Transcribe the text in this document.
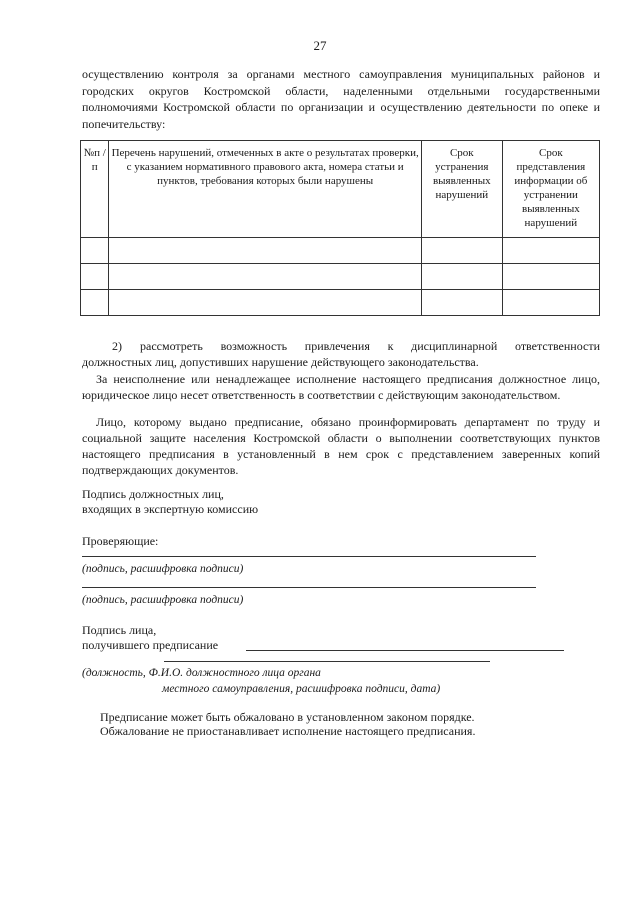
27

осуществлению контроля за органами местного самоуправления муниципальных районов и городских округов Костромской области, наделенными отдельными государственными полномочиями Костромской области по организации и осуществлению деятельности по опеке и попечительству:

№п /п	Перечень нарушений, отмеченных в акте о результатах проверки, с указанием нормативного правового акта, номера статьи и пунктов, требования которых были нарушены	Срок устранения выявленных нарушений	Срок представления информации об устранении выявленных нарушений

2) рассмотреть возможность привлечения к дисциплинарной ответственности
должностных лиц, допустивших нарушение действующего законодательства.

За неисполнение или ненадлежащее исполнение настоящего предписания должностное лицо, юридическое лицо несет ответственность в соответствии с действующим законодательством.

Лицо, которому выдано предписание, обязано проинформировать департамент по труду и социальной защите населения Костромской области о выполнении соответствующих пунктов настоящего предписания в установленный в нем срок с представлением заверенных копий подтверждающих документов.

Подпись должностных лиц,
входящих в экспертную комиссию
Проверяющие:
(подпись, расшифровка подписи)
(подпись, расшифровка подписи)
Подпись лица,
получившего предписание
(должность, Ф.И.О. должностного лица органа
местного самоуправления, расшифровка подписи, дата)
Предписание может быть обжаловано в установленном законом порядке.
Обжалование не приостанавливает исполнение настоящего предписания.
